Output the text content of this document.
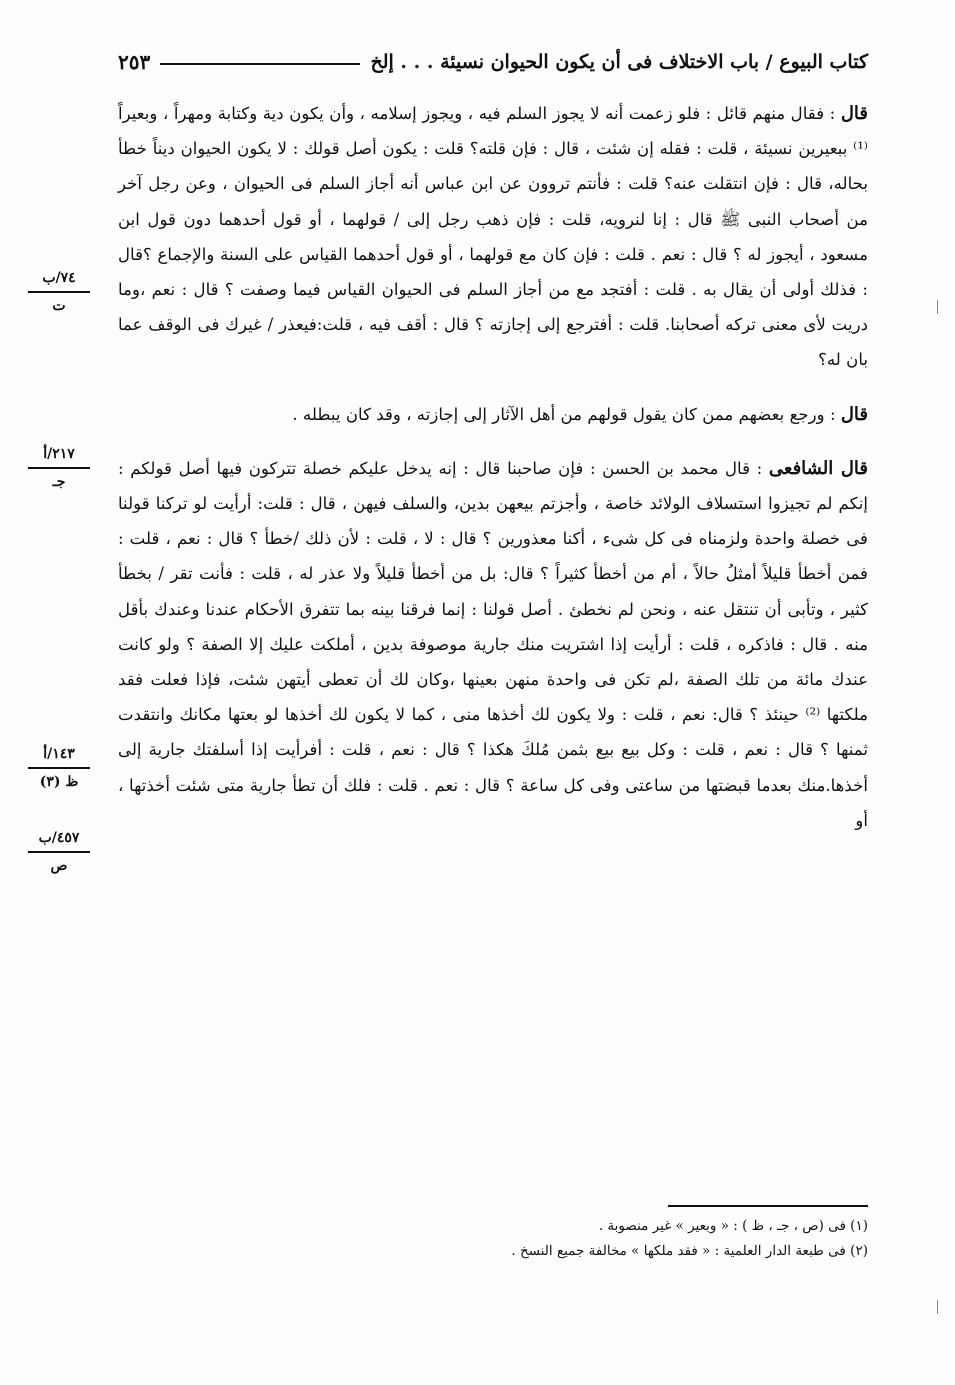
كتاب البيوع / باب الاختلاف فى أن يكون الحيوان نسيئة . . . إلخ
٢٥٣

قال : فقال منهم قائل : فلو زعمت أنه لا يجوز السلم فيه ، ويجوز إسلامه ، وأن يكون دية وكتابة ومهراً ، وبعيراً ⁽¹⁾ ببعيرين نسيئة ، قلت : فقله إن شئت ، قال : فإن قلته؟ قلت : يكون أصل قولك : لا يكون الحيوان ديناً خطأ بحاله، قال : فإن انتقلت عنه؟ قلت : فأنتم تروون عن ابن عباس أنه أجاز السلم فى الحيوان ، وعن رجل آخر من أصحاب النبى ﷺ قال : إنا لنرويه، قلت : فإن ذهب رجل إلى / قولهما ، أو قول أحدهما دون قول ابن مسعود ، أيجوز له ؟ قال : نعم . قلت : فإن كان مع قولهما ، أو قول أحدهما القياس على السنة والإجماع ؟قال : فذلك أولى أن يقال به . قلت : أفتجد مع من أجاز السلم فى الحيوان القياس فيما وصفت ؟ قال : نعم ،وما دريت لأى معنى تركه أصحابنا. قلت : أفترجع إلى إجازته ؟ قال : أقف فيه ، قلت:فيعذر / غيرك فى الوقف عما بان له؟

قال : ورجع بعضهم ممن كان يقول قولهم من أهل الآثار إلى إجازته ، وقد كان يبطله .

قال الشافعى : قال محمد بن الحسن : فإن صاحبنا قال : إنه يدخل عليكم خصلة تتركون فيها أصل قولكم : إنكم لم تجيزوا استسلاف الولائد خاصة ، وأجزتم بيعهن بدين، والسلف فيهن ، قال : قلت: أرأيت لو تركنا قولنا فى خصلة واحدة ولزمناه فى كل شىء ، أكنا معذورين ؟ قال : لا ، قلت : لأن ذلك /خطأ ؟ قال : نعم ، قلت : فمن أخطأ قليلاً أمثلُ حالاً ، أم من أخطأ كثيراً ؟ قال: بل من أخطأ قليلاً ولا عذر له ، قلت : فأنت تقر / بخطأ كثير ، وتأبى أن تنتقل عنه ، ونحن لم نخطئ . أصل قولنا : إنما فرقنا بينه بما تتفرق الأحكام عندنا وعندك بأقل منه . قال : فاذكره ، قلت : أرأيت إذا اشتريت منك جارية موصوفة بدين ، أملكت عليك إلا الصفة ؟ ولو كانت عندك مائة من تلك الصفة ،لم تكن فى واحدة منهن بعينها ،وكان لك أن تعطى أيتهن شئت، فإذا فعلت فقد ملكتها ⁽²⁾ حينئذ ؟ قال: نعم ، قلت : ولا يكون لك أخذها منى ، كما لا يكون لك أخذها لو بعتها مكانك وانتقدت ثمنها ؟ قال : نعم ، قلت : وكل بيع بيع بثمن مُلكَ هكذا ؟ قال : نعم ، قلت : أفرأيت إذا أسلفتك جارية إلى أخذها.منك بعدما قبضتها من ساعتى وفى كل ساعة ؟ قال : نعم . قلت : فلك أن تطأ جارية متى شئت أخذتها ، أو

٧٤/ب
ت
٢١٧/أ
جـ
١٤٣/أ
ظ (٣)
٤٥٧/ب
ص

(١) فى (ص ، جـ ، ظ ) : « وبعير » غير منصوبة .

(٢) فى طبعة الدار العلمية : « فقد ملكها » مخالفة جميع النسخ .
